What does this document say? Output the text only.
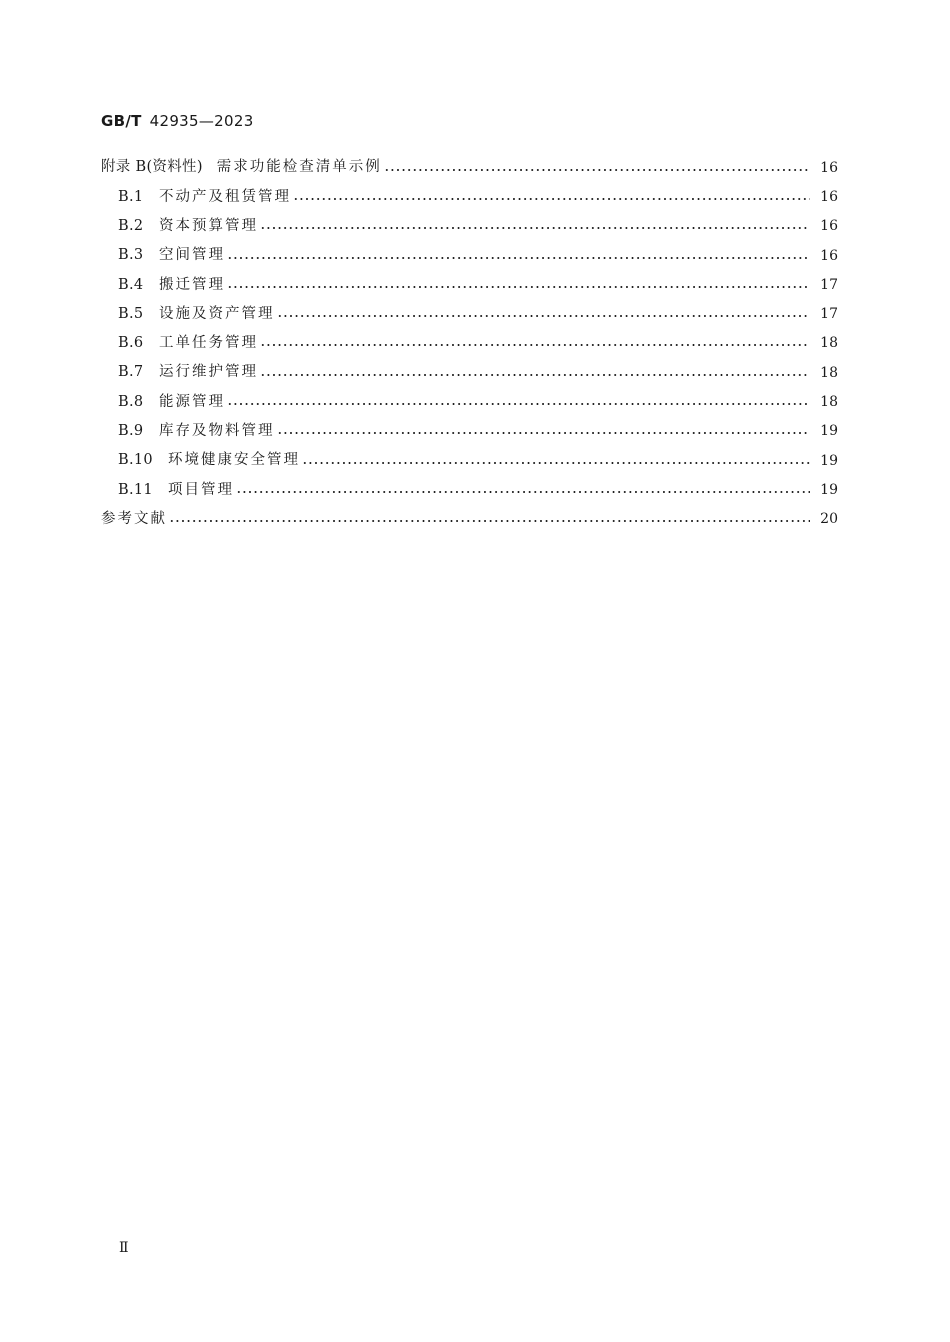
GB/T 42935—2023
附录 B(资料性) 需求功能检查清单示例	16
B.1	不动产及租赁管理	16
B.2	资本预算管理	16
B.3	空间管理	16
B.4	搬迁管理	17
B.5	设施及资产管理	17
B.6	工单任务管理	18
B.7	运行维护管理	18
B.8	能源管理	18
B.9	库存及物料管理	19
B.10	环境健康安全管理	19
B.11	项目管理	19
参考文献	20
Ⅱ
